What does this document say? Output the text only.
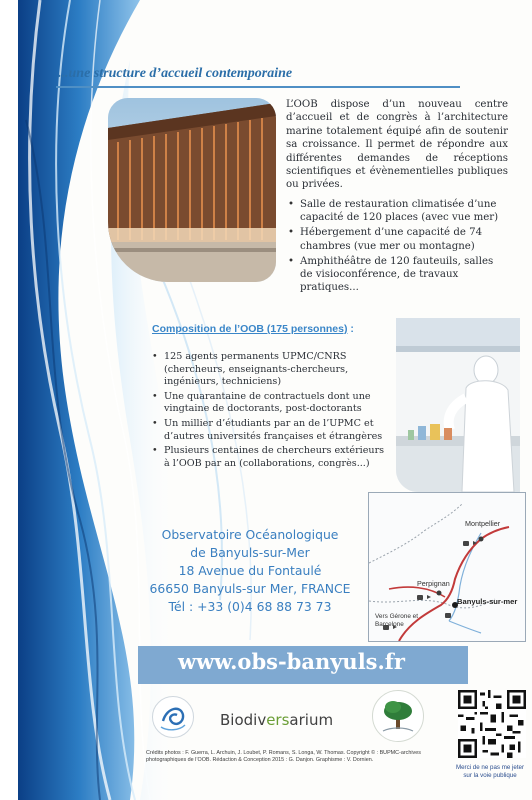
...une structure d’accueil contemporaine
L’OOB dispose d’un nouveau centre d’accueil et de congrès à l’architecture marine totalement équipé afin de soutenir sa croissance. Il permet de répondre aux différentes demandes de réceptions scientifiques et évènementielles publiques ou privées.
• Salle de restauration climatisée d’une capacité de 120 places (avec vue mer)
• Hébergement d’une capacité de 74 chambres (vue mer ou montagne)
• Amphithéâtre de 120 fauteuils, salles de visioconférence, de travaux pratiques...
Composition de l’OOB (175 personnes) :
• 125 agents permanents UPMC/CNRS (chercheurs, enseignants-chercheurs, ingénieurs, techniciens)
• Une quarantaine de contractuels dont une vingtaine de doctorants, post-doctorants
• Un millier d’étudiants par an de l’UPMC et d’autres universités françaises et étrangères
• Plusieurs centaines de chercheurs extérieurs à l’OOB par an (collaborations, congrès...)
Observatoire Océanologique
de Banyuls-sur-Mer
18 Avenue du Fontaulé
66650 Banyuls-sur Mer, FRANCE
Tél : +33 (0)4 68 88 73 73
Montpellier
Perpignan
Banyuls-sur-mer
Vers Gérone et
Barcelone
www.obs-banyuls.fr
Biodiversarium
Crédits photos : F. Guerra, L. Archuin, J. Loubet, P. Romans, S. Longa, W. Thomas. Copyright © : BUPMC-archives photographiques de l’OOB. Rédaction & Conception 2015 : G. Danjon. Graphisme : V. Dornien.
Merci de ne pas me jeter
sur la voie publique
